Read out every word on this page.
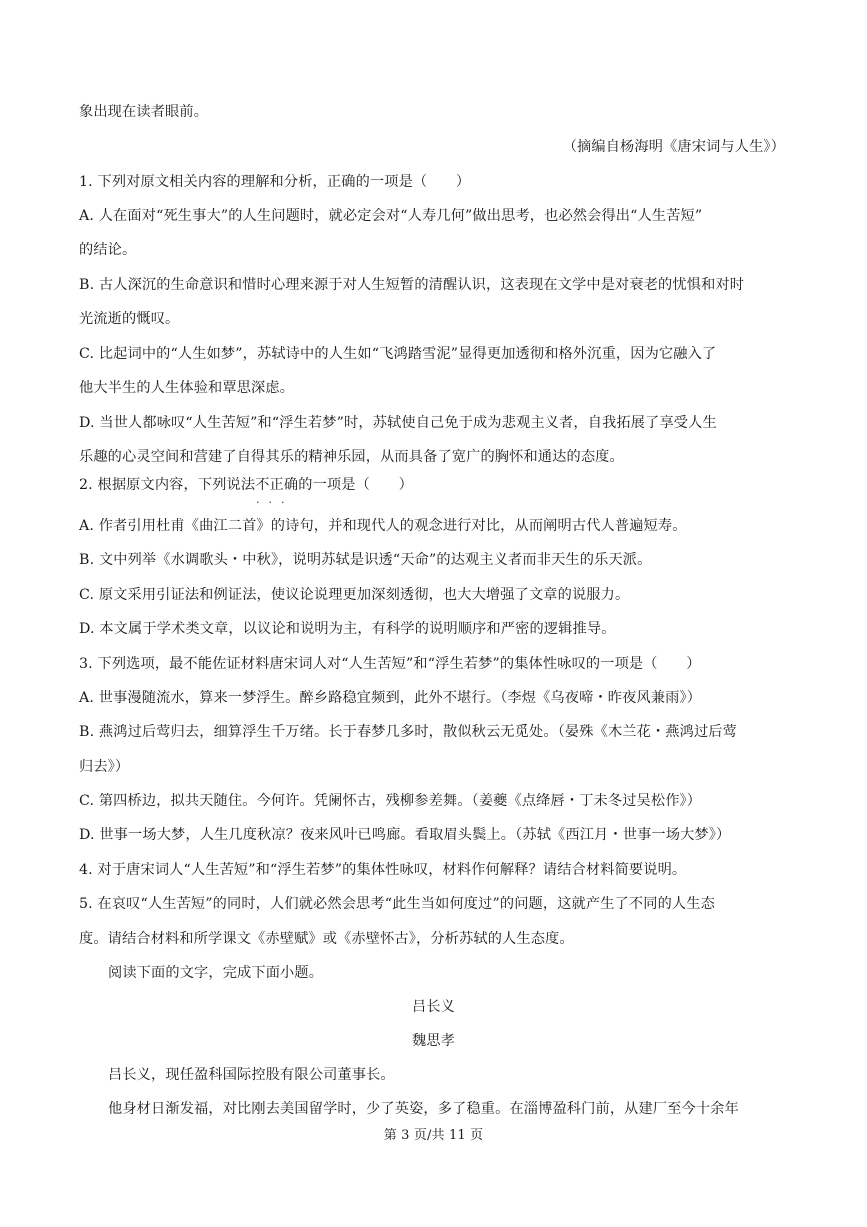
象出现在读者眼前。
（摘编自杨海明《唐宋词与人生》）
1. 下列对原文相关内容的理解和分析，正确的一项是（　　）
A. 人在面对“死生事大”的人生问题时，就必定会对“人寿几何”做出思考，也必然会得出“人生苦短”
的结论。
B. 古人深沉的生命意识和惜时心理来源于对人生短暂的清醒认识，这表现在文学中是对衰老的忧惧和对时
光流逝的慨叹。
C. 比起词中的“人生如梦”，苏轼诗中的人生如“飞鸿踏雪泥”显得更加透彻和格外沉重，因为它融入了
他大半生的人生体验和覃思深虑。
D. 当世人都咏叹“人生苦短”和“浮生若梦”时，苏轼使自己免于成为悲观主义者，自我拓展了享受人生
乐趣的心灵空间和营建了自得其乐的精神乐园，从而具备了宽广的胸怀和通达的态度。
2. 根据原文内容，下列说法不正确 • • •的一项是（　　）
A. 作者引用杜甫《曲江二首》的诗句，并和现代人的观念进行对比，从而阐明古代人普遍短寿。
B. 文中列举《水调歌头・中秋》，说明苏轼是识透“天命”的达观主义者而非天生的乐天派。
C. 原文采用引证法和例证法，使议论说理更加深刻透彻，也大大增强了文章的说服力。
D. 本文属于学术类文章，以议论和说明为主，有科学的说明顺序和严密的逻辑推导。
3. 下列选项，最不能佐证材料唐宋词人对“人生苦短”和“浮生若梦”的集体性咏叹的一项是（　　）
A. 世事漫随流水，算来一梦浮生。醉乡路稳宜频到，此外不堪行。（李煜《乌夜啼・昨夜风兼雨》）
B. 燕鸿过后莺归去，细算浮生千万绪。长于春梦几多时，散似秋云无觅处。（晏殊《木兰花・燕鸿过后莺
归去》）
C. 第四桥边，拟共天随住。今何许。凭阑怀古，残柳参差舞。（姜夔《点绛唇・丁未冬过吴松作》）
D. 世事一场大梦，人生几度秋凉？夜来风叶已鸣廊。看取眉头鬓上。（苏轼《西江月・世事一场大梦》）
4. 对于唐宋词人“人生苦短”和“浮生若梦”的集体性咏叹，材料作何解释？请结合材料简要说明。
5. 在哀叹“人生苦短”的同时，人们就必然会思考“此生当如何度过”的问题，这就产生了不同的人生态
度。请结合材料和所学课文《赤壁赋》或《赤壁怀古》，分析苏轼的人生态度。
阅读下面的文字，完成下面小题。
吕长义
魏思孝
吕长义，现任盈科国际控股有限公司董事长。
他身材日渐发福，对比刚去美国留学时，少了英姿，多了稳重。在淄博盈科门前，从建厂至今十余年
第 3 页/共 11 页
